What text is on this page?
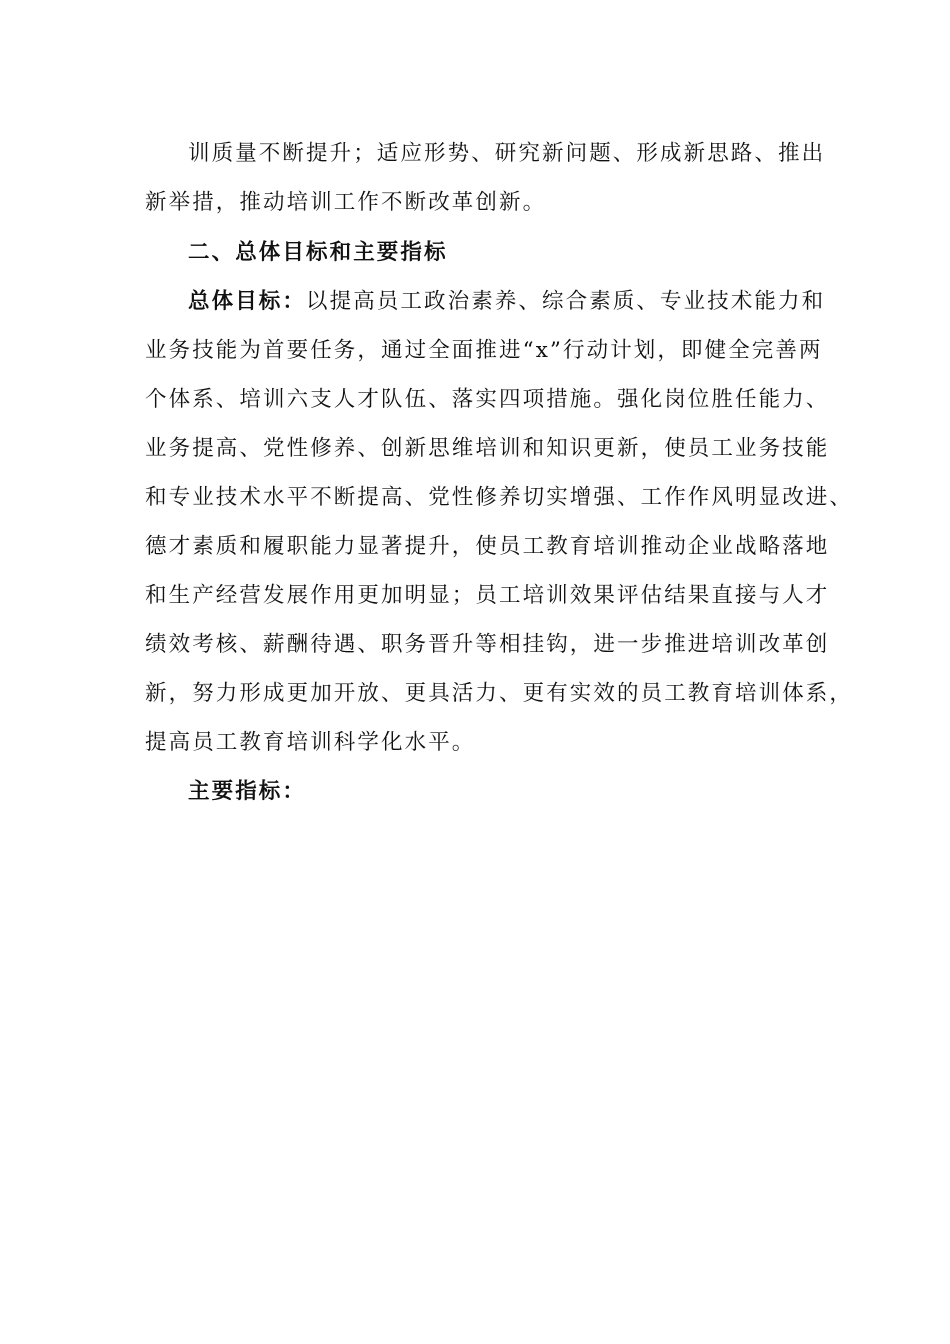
训质量不断提升；适应形势、研究新问题、形成新思路、推出
新举措，推动培训工作不断改革创新。
二、总体目标和主要指标
总体目标：以提高员工政治素养、综合素质、专业技术能力和
业务技能为首要任务，通过全面推进“x”行动计划，即健全完善两
个体系、培训六支人才队伍、落实四项措施。强化岗位胜任能力、
业务提高、党性修养、创新思维培训和知识更新，使员工业务技能
和专业技术水平不断提高、党性修养切实增强、工作作风明显改进、
德才素质和履职能力显著提升，使员工教育培训推动企业战略落地
和生产经营发展作用更加明显；员工培训效果评估结果直接与人才
绩效考核、薪酬待遇、职务晋升等相挂钩，进一步推进培训改革创
新，努力形成更加开放、更具活力、更有实效的员工教育培训体系，
提高员工教育培训科学化水平。
主要指标：
